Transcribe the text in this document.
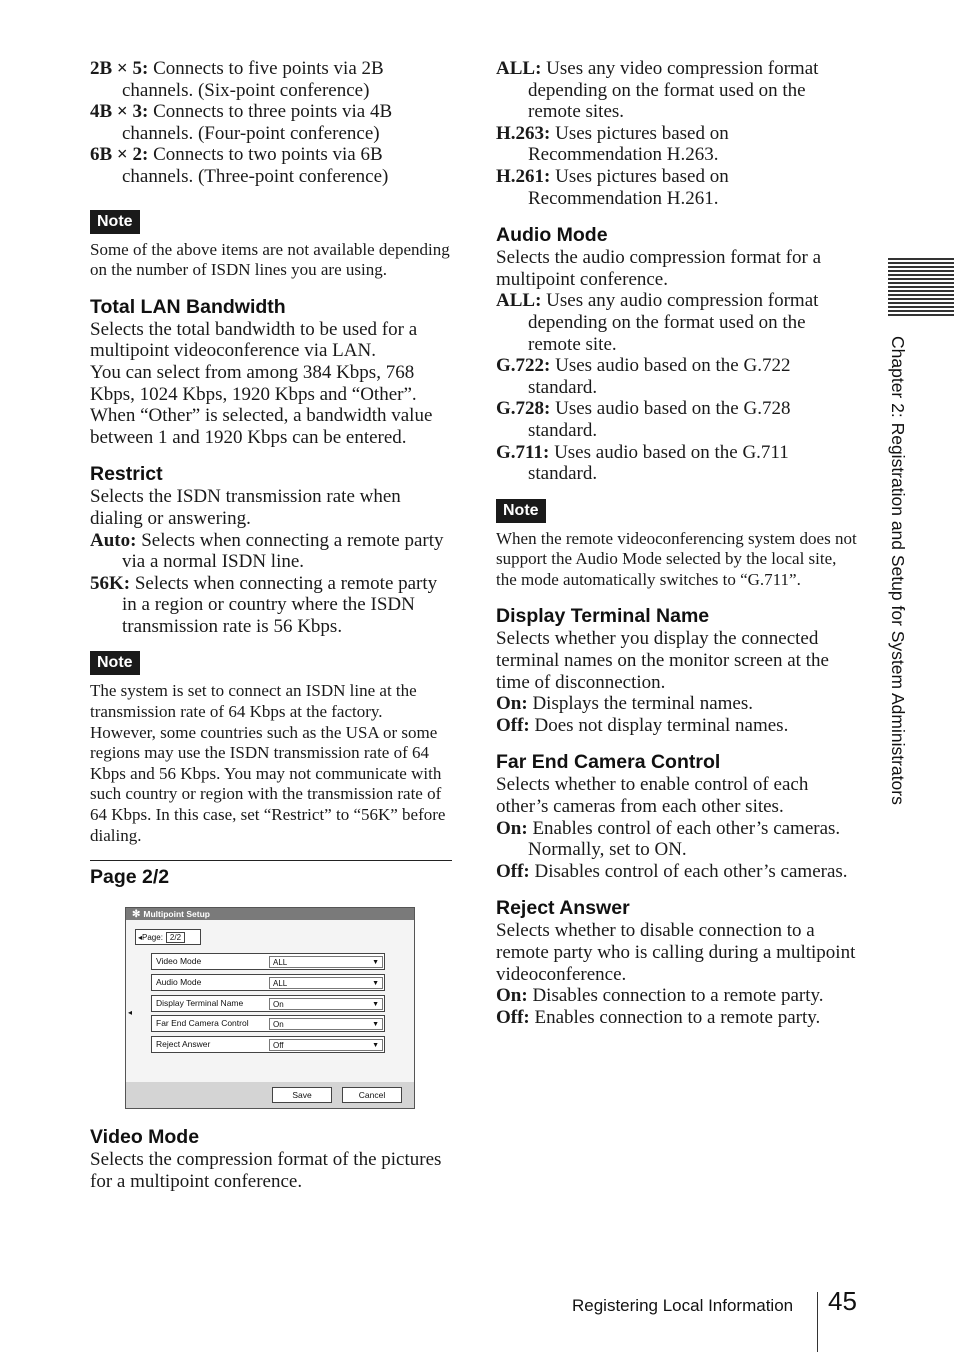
2B × 5: Connects to five points via 2B channels. (Six-point conference)
4B × 3: Connects to three points via 4B channels. (Four-point conference)
6B × 2: Connects to two points via 6B channels. (Three-point conference)
Note

Some of the above items are not available depending on the number of ISDN lines you are using.

Total LAN Bandwidth

Selects the total bandwidth to be used for a multipoint videoconference via LAN.

You can select from among 384 Kbps, 768 Kbps, 1024 Kbps, 1920 Kbps and “Other”. When “Other” is selected, a bandwidth value between 1 and 1920 Kbps can be entered.

Restrict

Selects the ISDN transmission rate when dialing or answering.

Auto: Selects when connecting a remote party via a normal ISDN line.
56K: Selects when connecting a remote party in a region or country where the ISDN transmission rate is 56 Kbps.
Note

The system is set to connect an ISDN line at the transmission rate of 64 Kbps at the factory. However, some countries such as the USA or some regions may use the ISDN transmission rate of 64 Kbps and 56 Kbps. You may not communicate with such country or region with the transmission rate of 64 Kbps. In this case, set “Restrict” to “56K” before dialing.

Page 2/2
✻ Multipoint Setup
◂Page: 2/2
◂
Video Mode	ALL	▼
Audio Mode	ALL	▼
Display Terminal Name	On	▼
Far End Camera Control	On	▼
Reject Answer	Off	▼
Save	Cancel
Video Mode

Selects the compression format of the pictures for a multipoint conference.

ALL: Uses any video compression format depending on the format used on the remote sites.
H.263: Uses pictures based on Recommendation H.263.
H.261: Uses pictures based on Recommendation H.261.
Audio Mode

Selects the audio compression format for a multipoint conference.

ALL: Uses any audio compression format depending on the format used on the remote site.
G.722: Uses audio based on the G.722 standard.
G.728: Uses audio based on the G.728 standard.
G.711: Uses audio based on the G.711 standard.
Note

When the remote videoconferencing system does not support the Audio Mode selected by the local site, the mode automatically switches to “G.711”.

Display Terminal Name

Selects whether you display the connected terminal names on the monitor screen at the time of disconnection.

On: Displays the terminal names.
Off: Does not display terminal names.
Far End Camera Control

Selects whether to enable control of each other’s cameras from each other sites.

On: Enables control of each other’s cameras. Normally, set to ON.
Off: Disables control of each other’s cameras.
Reject Answer

Selects whether to disable connection to a remote party who is calling during a multipoint videoconference.

On: Disables connection to a remote party.
Off: Enables connection to a remote party.
Chapter 2: Registration and Setup for System Administrators
Registering Local Information 45
